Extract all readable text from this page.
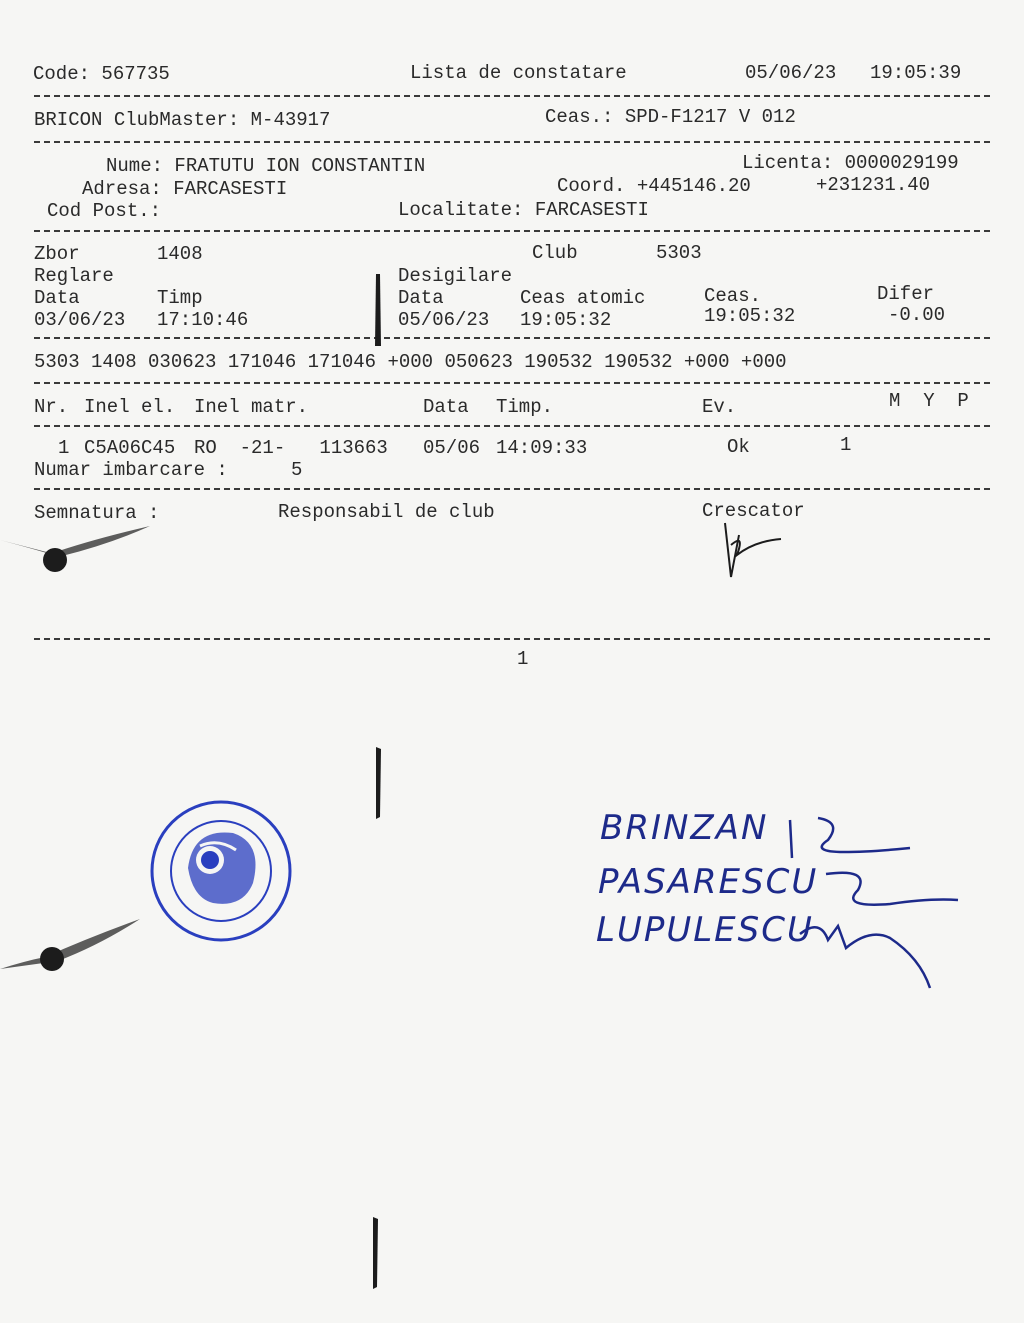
Code: 567735	Lista de constatare	05/06/23 19:05:39
BRICON ClubMaster: M-43917	Ceas.: SPD-F1217 V 012
Nume: FRATUTU ION CONSTANTIN	Licenta: 0000029199
Adresa: FARCASESTI	Coord. +445146.20	+231231.40
Cod Post.:	Localitate: FARCASESTI
Zbor	1408	Club	5303
Reglare	Desigilare
Data	Timp	Data	Ceas atomic	Ceas.	Difer
03/06/23 17:10:46	05/06/23 19:05:32	19:05:32	-0.00
5303 1408 030623 171046 171046 +000 050623 190532 190532 +000 +000
Nr. Inel el. Inel matr.	Data Timp.	Ev.	M  Y  P
1 C5A06C45 RO  -21-   113663 05/06 14:09:33	Ok	1
Numar imbarcare :	5
Semnatura :	Responsabil de club	Crescator
1
BRINZAN
PASARESCU
LUPULESCU
